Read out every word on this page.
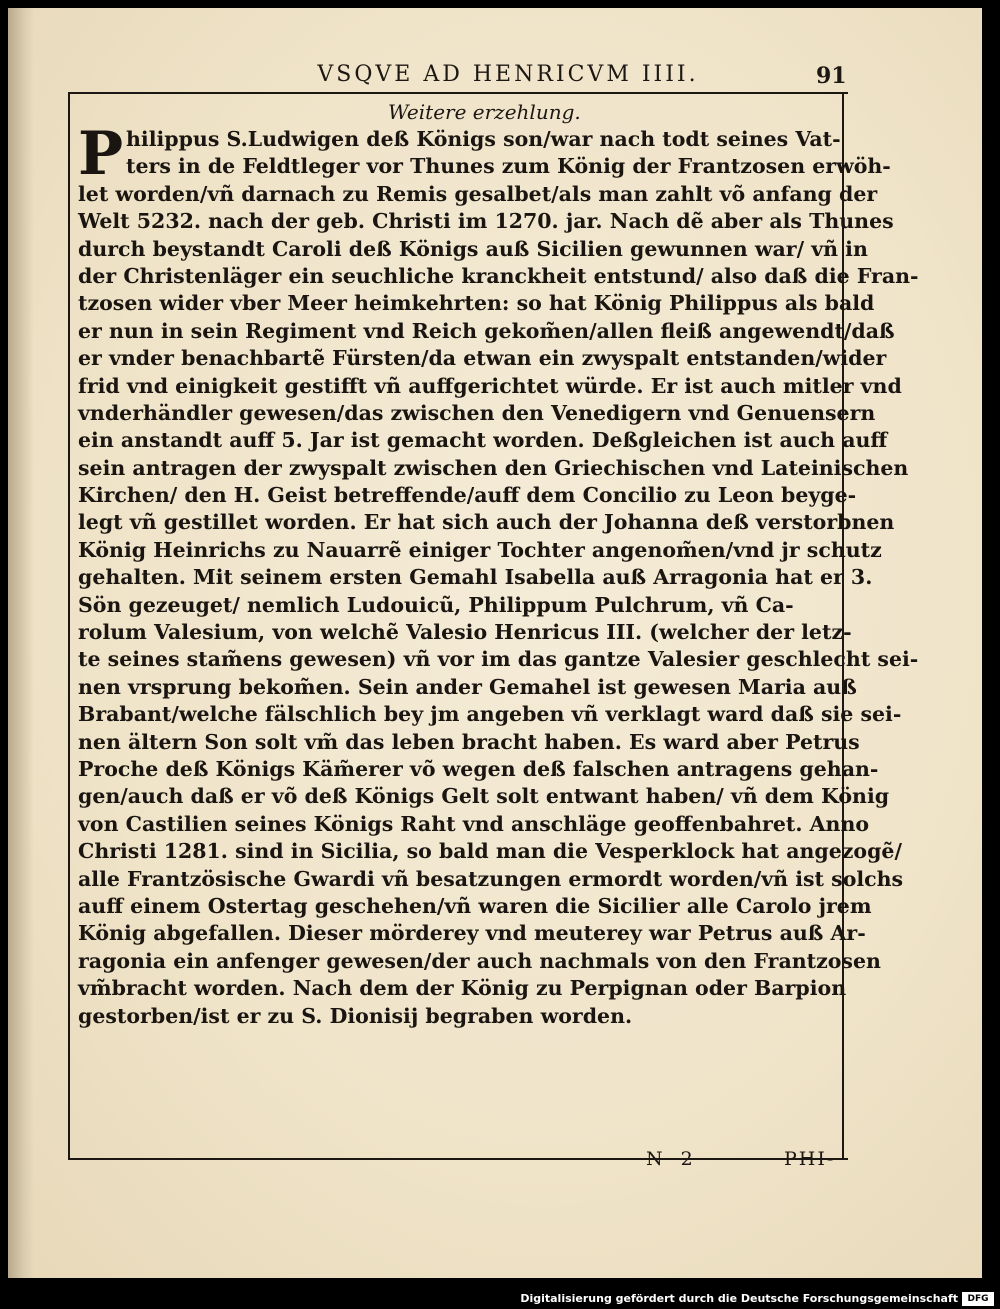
VSQVE AD HENRICVM IIII.	91
Weitere erzehlung.
P hilippus S.Ludwigen deß Königs son/war nach todt seines Vat-
ters in de Feldtleger vor Thunes zum König der Frantzosen erwöh-
let worden/vñ darnach zu Remis gesalbet/als man zahlt võ anfang der
Welt 5232. nach der geb. Christi im 1270. jar. Nach dẽ aber als Thunes
durch beystandt Caroli deß Königs auß Sicilien gewunnen war/ vñ in
der Christenläger ein seuchliche kranckheit entstund/ also daß die Fran-
tzosen wider vber Meer heimkehrten: so hat König Philippus als bald
er nun in sein Regiment vnd Reich gekom̃en/allen fleiß angewendt/daß
er vnder benachbartẽ Fürsten/da etwan ein zwyspalt entstanden/wider
frid vnd einigkeit gestifft vñ auffgerichtet würde. Er ist auch mitler vnd
vnderhändler gewesen/das zwischen den Venedigern vnd Genuensern
ein anstandt auff 5. Jar ist gemacht worden. Deßgleichen ist auch auff
sein antragen der zwyspalt zwischen den Griechischen vnd Lateinischen
Kirchen/ den H. Geist betreffende/auff dem Concilio zu Leon beyge-
legt vñ gestillet worden. Er hat sich auch der Johanna deß verstorbnen
König Heinrichs zu Nauarrẽ einiger Tochter angenom̃en/vnd jr schutz
gehalten. Mit seinem ersten Gemahl Isabella auß Arragonia hat er 3.
Sön gezeuget/ nemlich Ludouicũ, Philippum Pulchrum, vñ Ca-
rolum Valesium, von welchẽ Valesio Henricus III. (welcher der letz-
te seines stam̃ens gewesen) vñ vor im das gantze Valesier geschlecht sei-
nen vrsprung bekom̃en. Sein ander Gemahel ist gewesen Maria auß
Brabant/welche fälschlich bey jm angeben vñ verklagt ward daß sie sei-
nen ältern Son solt vm̃ das leben bracht haben. Es ward aber Petrus
Proche deß Königs Käm̃erer võ wegen deß falschen antragens gehan-
gen/auch daß er võ deß Königs Gelt solt entwant haben/ vñ dem König
von Castilien seines Königs Raht vnd anschläge geoffenbahret. Anno
Christi 1281. sind in Sicilia, so bald man die Vesperklock hat angezogẽ/
alle Frantzösische Gwardi vñ besatzungen ermordt worden/vñ ist solchs
auff einem Ostertag geschehen/vñ waren die Sicilier alle Carolo jrem
König abgefallen. Dieser mörderey vnd meuterey war Petrus auß Ar-
ragonia ein anfenger gewesen/der auch nachmals von den Frantzosen
vm̃bracht worden. Nach dem der König zu Perpignan oder Barpion
gestorben/ist er zu S. Dionisij begraben worden.
N 2	PHI-
Digitalisierung gefördert durch die Deutsche Forschungsgemeinschaft	DFG
